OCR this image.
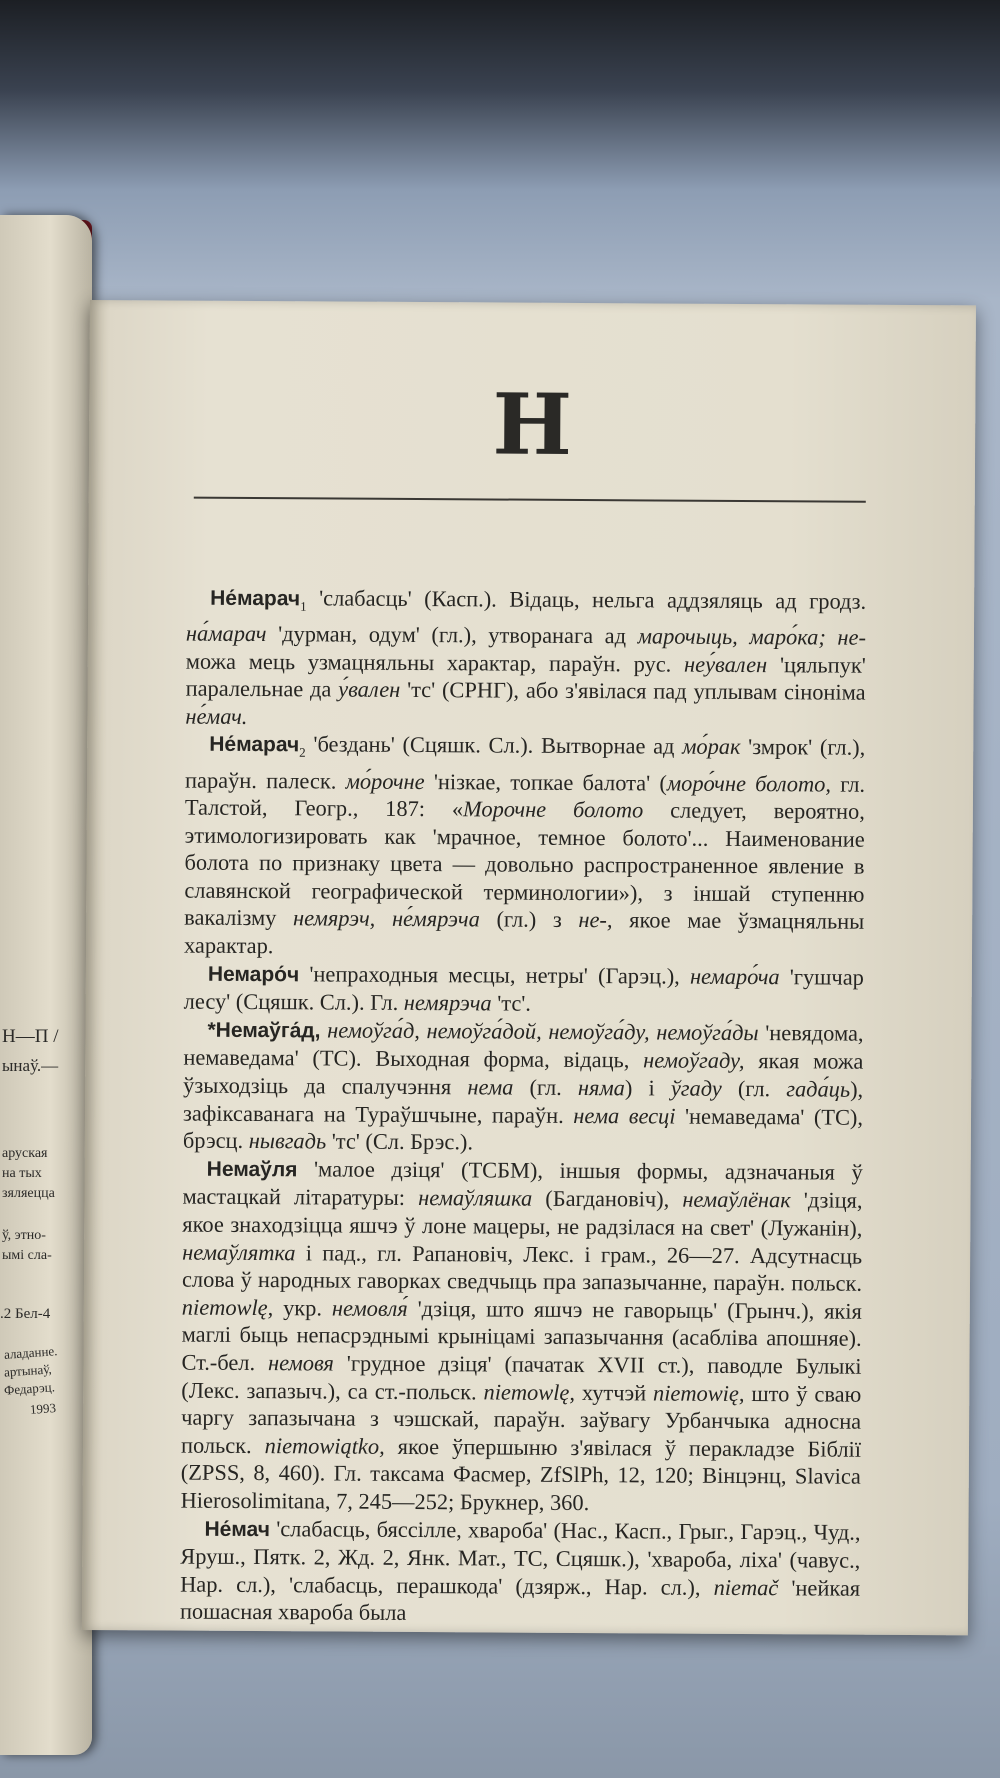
Н—П /
ынаў.—
аруская
на тых
зяляецца
ў, этно-
ымі сла-
.2 Бел-4
аладанне.
артынаў,
Федарэц.
1993
Н

Не́марач$_1$ 'слабасць' (Касп.). Відаць, нельга аддзяляць ад гродз. на́марач 'дурман, одум' (гл.), утворанага ад марочыць, маро́ка; не- можа мець узмацняльны характар, параўн. рус. неу́вален 'цяльпук' паралельнае да у́вален 'тс' (СРНГ), або з'явілася пад уплывам сіноніма не́мач.

Не́марач$_2$ 'бездань' (Сцяшк. Сл.). Вытворнае ад мо́рак 'змрок' (гл.), параўн. палеск. мо́рочне 'нізкае, топкае балота' (моро́чне болото, гл. Талстой, Геогр., 187: «Морочне болото следует, вероятно, этимологизировать как 'мрачное, темное болото'... Наименование болота по признаку цвета — довольно распространенное явление в славянской географической терминологии»), з іншай ступенню вакалізму немярэч, не́мярэча (гл.) з не-, якое мае ўзмацняльны характар.

Немаро́ч 'непраходныя месцы, нетры' (Гарэц.), немаро́ча 'гушчар лесу' (Сцяшк. Сл.). Гл. немярэча 'тс'.

*Немаўга́д, немоўга́д, немоўга́дой, немоўга́ду, немоўга́ды 'невядома, немаведама' (ТС). Выходная форма, відаць, немоўгаду, якая можа ўзыходзіць да спалучэння нема (гл. няма) і ўгаду (гл. гада́ць), зафіксаванага на Тураўшчыне, параўн. нема весці 'немаведама' (ТС), брэсц. нывгадь 'тс' (Сл. Брэс.).

Немаўля 'малое дзіця' (ТСБМ), іншыя формы, адзначаныя ў мастацкай літаратуры: немаўляшка (Багдановіч), немаўлёнак 'дзіця, якое знаходзіцца яшчэ ў лоне мацеры, не радзілася на свет' (Лужанін), немаўлятка і пад., гл. Рапановіч, Лекс. і грам., 26—27. Адсутнасць слова ў народных гаворках сведчыць пра запазычанне, параўн. польск. niemowlę, укр. немовля́ 'дзіця, што яшчэ не гаворыць' (Грынч.), якія маглі быць непасрэднымі крыніцамі запазычання (асабліва апошняе). Ст.-бел. немовя 'грудное дзіця' (пачатак XVII ст.), паводле Булыкі (Лекс. запазыч.), са ст.-польск. niemowlę, хутчэй niemowię, што ў сваю чаргу запазычана з чэшскай, параўн. заўвагу Урбанчыка адносна польск. niemowiątko, якое ўпершыню з'явілася ў перакладзе Біблії (ZPSS, 8, 460). Гл. таксама Фасмер, ZfSlPh, 12, 120; Вінцэнц, Slavica Hierosolimitana, 7, 245—252; Брукнер, 360.

Не́мач 'слабасць, бяссілле, хвароба' (Нас., Касп., Грыг., Гарэц., Чуд., Яруш., Пятк. 2, Жд. 2, Янк. Мат., ТС, Сцяшк.), 'хвароба, ліха' (чавус., Нар. сл.), 'слабасць, перашкода' (дзярж., Нар. сл.), niemač 'нейкая пошасная хвароба была
